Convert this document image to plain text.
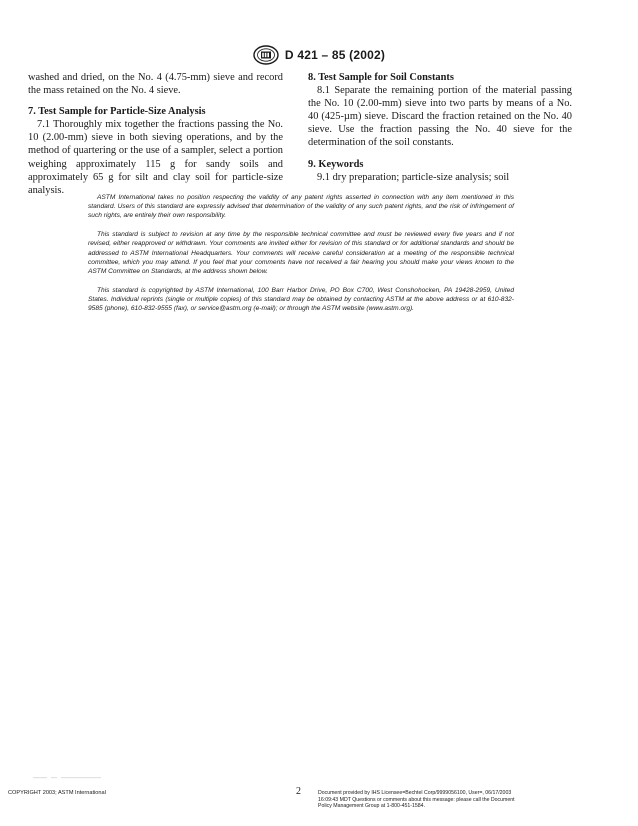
D 421 – 85 (2002)

washed and dried, on the No. 4 (4.75-mm) sieve and record the mass retained on the No. 4 sieve.

7. Test Sample for Particle-Size Analysis

7.1 Thoroughly mix together the fractions passing the No. 10 (2.00-mm) sieve in both sieving operations, and by the method of quartering or the use of a sampler, select a portion weighing approximately 115 g for sandy soils and approximately 65 g for silt and clay soil for particle-size analysis.

8. Test Sample for Soil Constants

8.1 Separate the remaining portion of the material passing the No. 10 (2.00-mm) sieve into two parts by means of a No. 40 (425-µm) sieve. Discard the fraction retained on the No. 40 sieve. Use the fraction passing the No. 40 sieve for the determination of the soil constants.

9. Keywords

9.1 dry preparation; particle-size analysis; soil

ASTM International takes no position respecting the validity of any patent rights asserted in connection with any item mentioned in this standard. Users of this standard are expressly advised that determination of the validity of any such patent rights, and the risk of infringement of such rights, are entirely their own responsibility.

This standard is subject to revision at any time by the responsible technical committee and must be reviewed every five years and if not revised, either reapproved or withdrawn. Your comments are invited either for revision of this standard or for additional standards and should be addressed to ASTM International Headquarters. Your comments will receive careful consideration at a meeting of the responsible technical committee, which you may attend. If you feel that your comments have not received a fair hearing you should make your views known to the ASTM Committee on Standards, at the address shown below.

This standard is copyrighted by ASTM International, 100 Barr Harbor Drive, PO Box C700, West Conshohocken, PA 19428-2959, United States. Individual reprints (single or multiple copies) of this standard may be obtained by contacting ASTM at the above address or at 610-832-9585 (phone), 610-832-9555 (fax), or service@astm.org (e-mail); or through the ASTM website (www.astm.org).

COPYRIGHT 2003; ASTM International	2	Document provided by IHS Licensee=Bechtel Corp/9999056100, User=, 06/17/2003
16:09:43 MDT Questions or comments about this message: please call the Document
Policy Management Group at 1-800-451-1584.
